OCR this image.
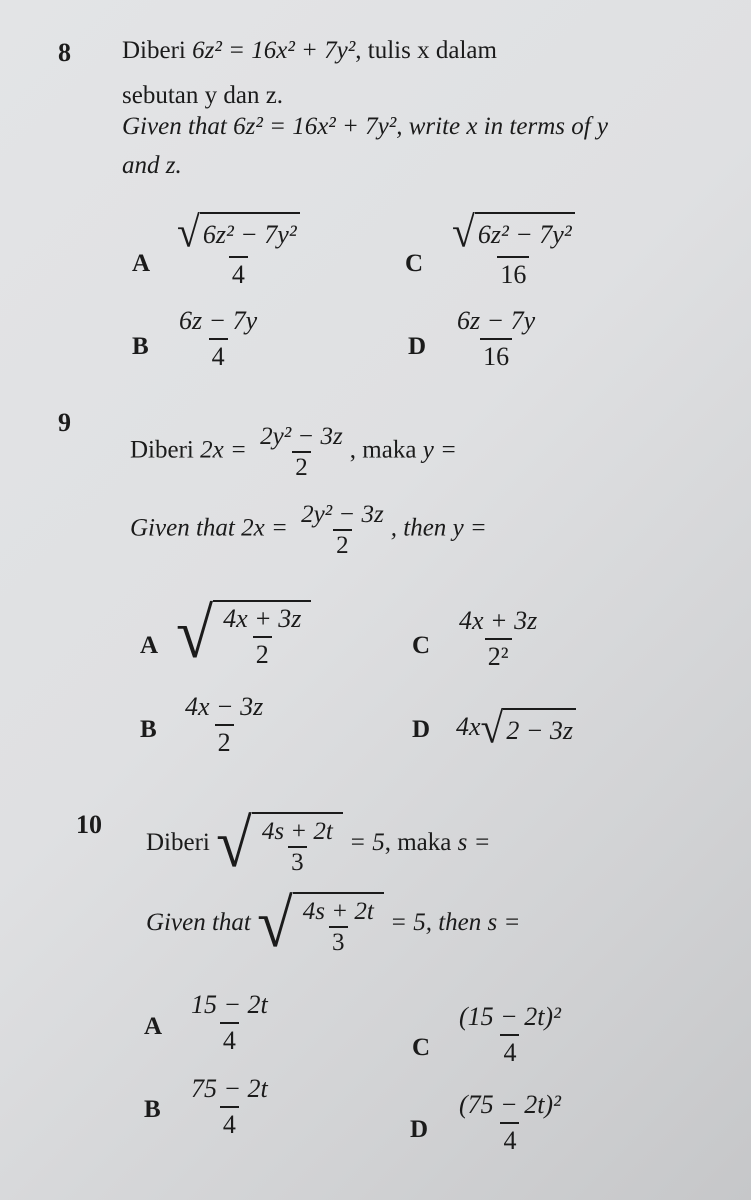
8 Diberi 6z² = 16x² + 7y², tulis x dalam
sebutan y dan z.
Given that 6z² = 16x² + 7y², write x in terms of y
and z.
A $\frac{\text{√ 6z² − 7y²}}{4}$	C $\frac{\text{√ 6z² − 7y²}}{16}$
B $\frac{6z - 7y}{4}$	D $\frac{6z - 7y}{16}$
9
Diberi $2x = \frac{\text{2y² − 3z}}{2}$ , maka y =
Given that $2x = \frac{\text{2y² − 3z}}{2}$ , then y =
A √ $\frac{4x + 3z}{2}$	C $\frac{4x + 3z}{\text{2²}}$
B $\frac{4x - 3z}{2}$	D 4x √ 2 − 3z
10
Diberi √ $\frac{4s + 2t}{3} = 5$, maka s =
Given that √ $\frac{4s + 2t}{3} = 5$, then s =
A $\frac{15 - 2t}{4}$	C $\frac{\text{(15 − 2t)²}}{4}$
B $\frac{75 - 2t}{4}$	D $\frac{\text{(75 − 2t)²}}{4}$
